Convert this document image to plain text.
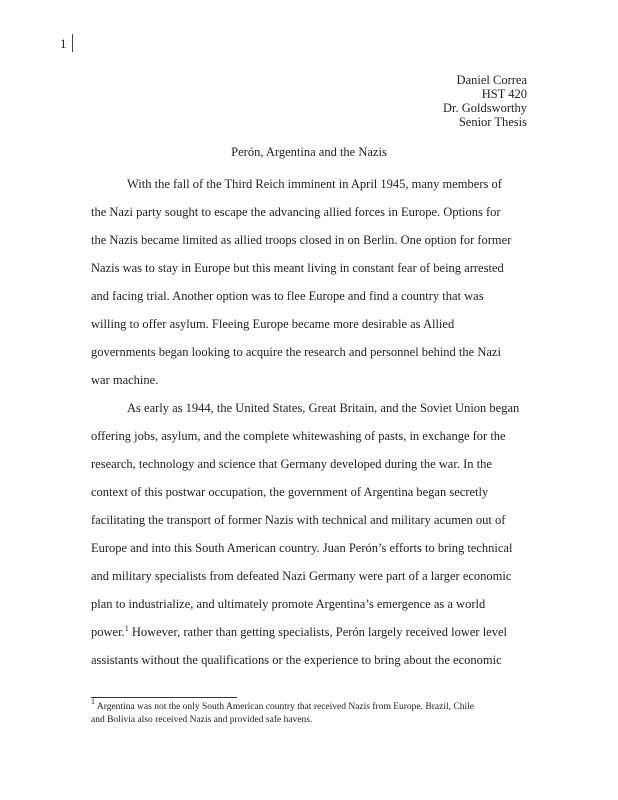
1
Daniel Correa
HST 420
Dr. Goldsworthy
Senior Thesis
Perón, Argentina and the Nazis
With the fall of the Third Reich imminent in April 1945, many members of
the Nazi party sought to escape the advancing allied forces in Europe. Options for
the Nazis became limited as allied troops closed in on Berlin. One option for former
Nazis was to stay in Europe but this meant living in constant fear of being arrested
and facing trial. Another option was to flee Europe and find a country that was
willing to offer asylum. Fleeing Europe became more desirable as Allied
governments began looking to acquire the research and personnel behind the Nazi
war machine.
As early as 1944, the United States, Great Britain, and the Soviet Union began
offering jobs, asylum, and the complete whitewashing of pasts, in exchange for the
research, technology and science that Germany developed during the war. In the
context of this postwar occupation, the government of Argentina began secretly
facilitating the transport of former Nazis with technical and military acumen out of
Europe and into this South American country. Juan Perón’s efforts to bring technical
and military specialists from defeated Nazi Germany were part of a larger economic
plan to industrialize, and ultimately promote Argentina’s emergence as a world
power.$^1$ However, rather than getting specialists, Perón largely received lower level
assistants without the qualifications or the experience to bring about the economic
$^1$ Argentina was not the only South American country that received Nazis from Europe. Brazil, Chile
and Bolivia also received Nazis and provided safe havens.
